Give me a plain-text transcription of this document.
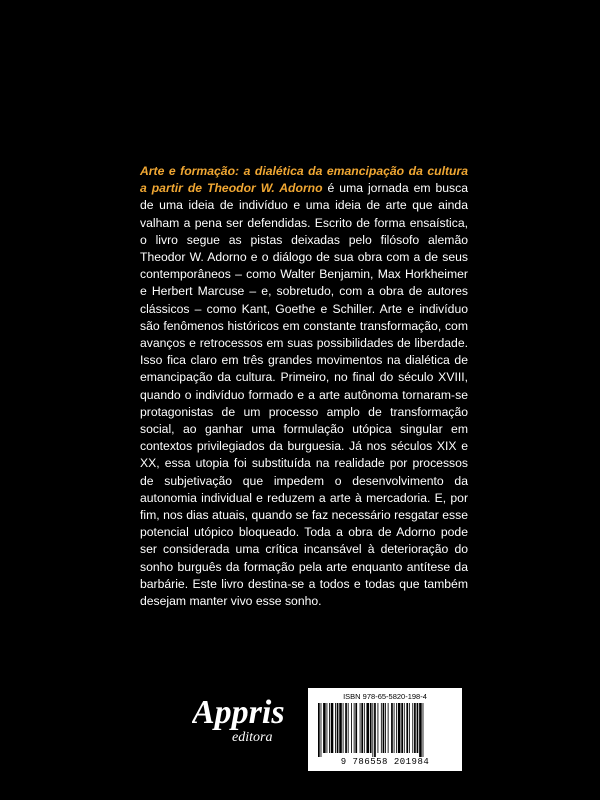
Arte e formação: a dialética da emancipação da cultura a partir de Theodor W. Adorno é uma jornada em busca de uma ideia de indivíduo e uma ideia de arte que ainda valham a pena ser defendidas. Escrito de forma ensaística, o livro segue as pistas deixadas pelo filósofo alemão Theodor W. Adorno e o diálogo de sua obra com a de seus contemporâneos – como Walter Benjamin, Max Horkheimer e Herbert Marcuse – e, sobretudo, com a obra de autores clássicos – como Kant, Goethe e Schiller. Arte e indivíduo são fenômenos históricos em constante transformação, com avanços e retrocessos em suas possibilidades de liberdade. Isso fica claro em três grandes movimentos na dialética de emancipação da cultura. Primeiro, no final do século XVIII, quando o indivíduo formado e a arte autônoma tornaram-se protagonistas de um processo amplo de transformação social, ao ganhar uma formulação utópica singular em contextos privilegiados da burguesia. Já nos séculos XIX e XX, essa utopia foi substituída na realidade por processos de subjetivação que impedem o desenvolvimento da autonomia individual e reduzem a arte à mercadoria. E, por fim, nos dias atuais, quando se faz necessário resgatar esse potencial utópico bloqueado. Toda a obra de Adorno pode ser considerada uma crítica incansável à deterioração do sonho burguês da formação pela arte enquanto antítese da barbárie. Este livro destina-se a todos e todas que também desejam manter vivo esse sonho.

Appris
editora
ISBN 978-65-5820-198-4
9 786558 201984
